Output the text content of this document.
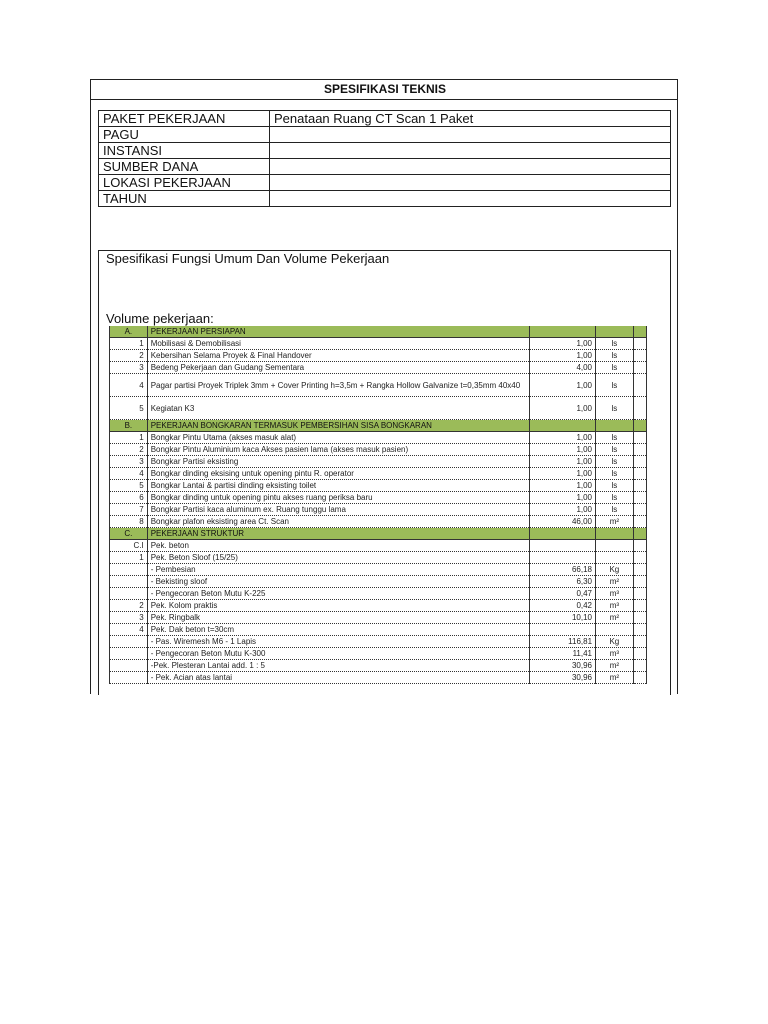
SPESIFIKASI TEKNIS
PAKET PEKERJAAN	Penataan Ruang CT Scan 1 Paket
PAGU	
INSTANSI	
SUMBER DANA	
LOKASI PEKERJAAN	
TAHUN	
Spesifikasi Fungsi Umum Dan Volume Pekerjaan
Volume pekerjaan:
A.	PEKERJAAN PERSIAPAN			
1	Mobilisasi & Demobilisasi	1,00	ls	
2	Kebersihan Selama Proyek & Final Handover	1,00	ls	
3	Bedeng Pekerjaan dan Gudang Sementara	4,00	ls	
4	Pagar partisi Proyek Triplek 3mm + Cover Printing h=3,5m + Rangka Hollow Galvanize t=0,35mm 40x40	1,00	ls	
5	Kegiatan K3	1,00	ls	
B.	PEKERJAAN BONGKARAN TERMASUK PEMBERSIHAN SISA BONGKARAN			
1	Bongkar Pintu Utama (akses masuk alat)	1,00	ls	
2	Bongkar Pintu Aluminium kaca Akses pasien lama (akses masuk pasien)	1,00	ls	
3	Bongkar Partisi eksisting	1,00	ls	
4	Bongkar dinding eksising untuk opening pintu R. operator	1,00	ls	
5	Bongkar Lantai & partisi dinding eksisting toilet	1,00	ls	
6	Bongkar dinding untuk opening pintu akses ruang periksa baru	1,00	ls	
7	Bongkar Partisi kaca aluminum ex. Ruang tunggu lama	1,00	ls	
8	Bongkar plafon eksisting area Ct. Scan	46,00	m²	
C.	PEKERJAAN STRUKTUR			
C.I	Pek. beton			
1	Pek. Beton Sloof (15/25)			
	- Pembesian	66,18	Kg	
	- Bekisting sloof	6,30	m²	
	- Pengecoran Beton Mutu K-225	0,47	m³	
2	Pek. Kolom praktis	0,42	m³	
3	Pek. Ringbalk	10,10	m²	
4	Pek. Dak beton t=30cm			
	- Pas. Wiremesh M6 - 1 Lapis	116,81	Kg	
	- Pengecoran Beton Mutu K-300	11,41	m³	
	-Pek. Plesteran Lantai add. 1 : 5	30,96	m²	
	- Pek. Acian atas lantai	30,96	m²	
